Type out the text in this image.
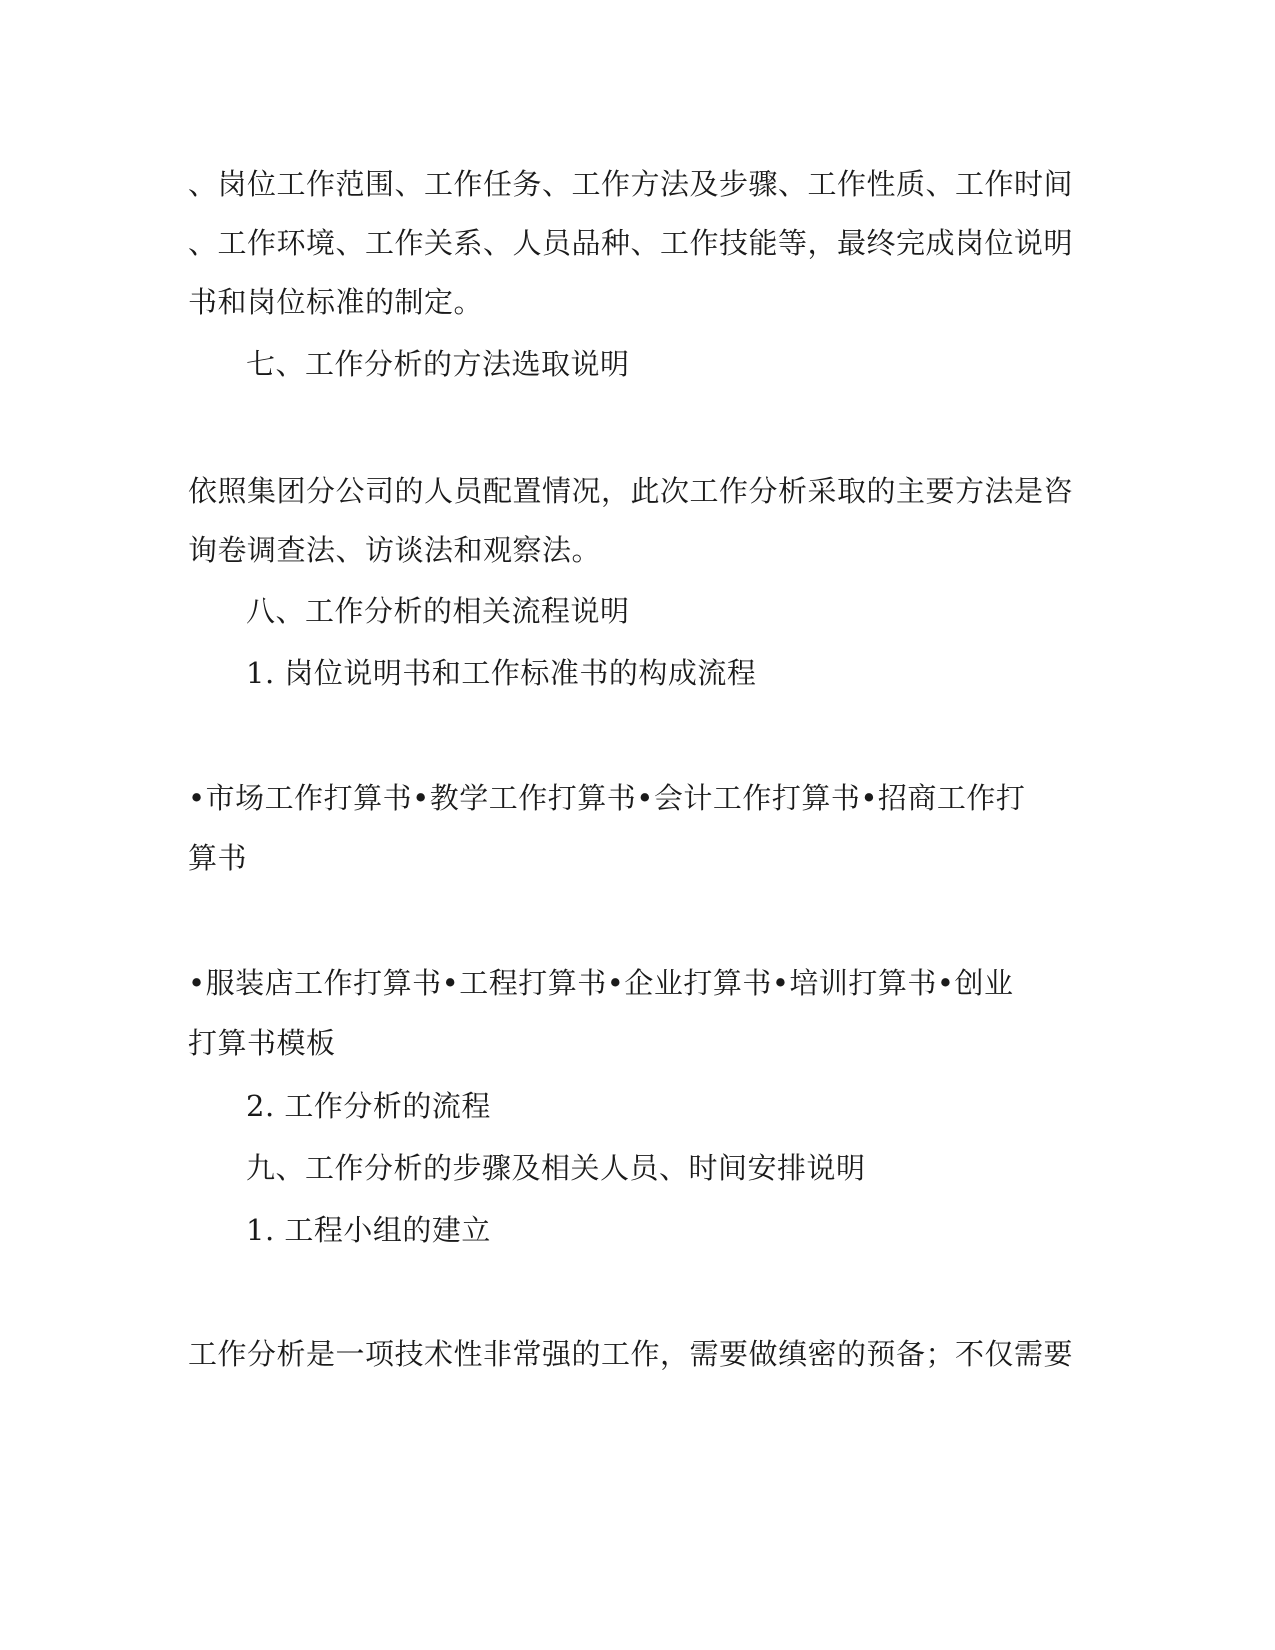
、岗位工作范围、工作任务、工作方法及步骤、工作性质、工作时间
、工作环境、工作关系、人员品种、工作技能等，最终完成岗位说明
书和岗位标准的制定。
七、工作分析的方法选取说明
依照集团分公司的人员配置情况，此次工作分析采取的主要方法是咨
询卷调查法、访谈法和观察法。
八、工作分析的相关流程说明
1. 岗位说明书和工作标准书的构成流程
•市场工作打算书•教学工作打算书•会计工作打算书•招商工作打
算书
•服装店工作打算书•工程打算书•企业打算书•培训打算书•创业
打算书模板
2. 工作分析的流程
九、工作分析的步骤及相关人员、时间安排说明
1. 工程小组的建立
工作分析是一项技术性非常强的工作，需要做缜密的预备；不仅需要
